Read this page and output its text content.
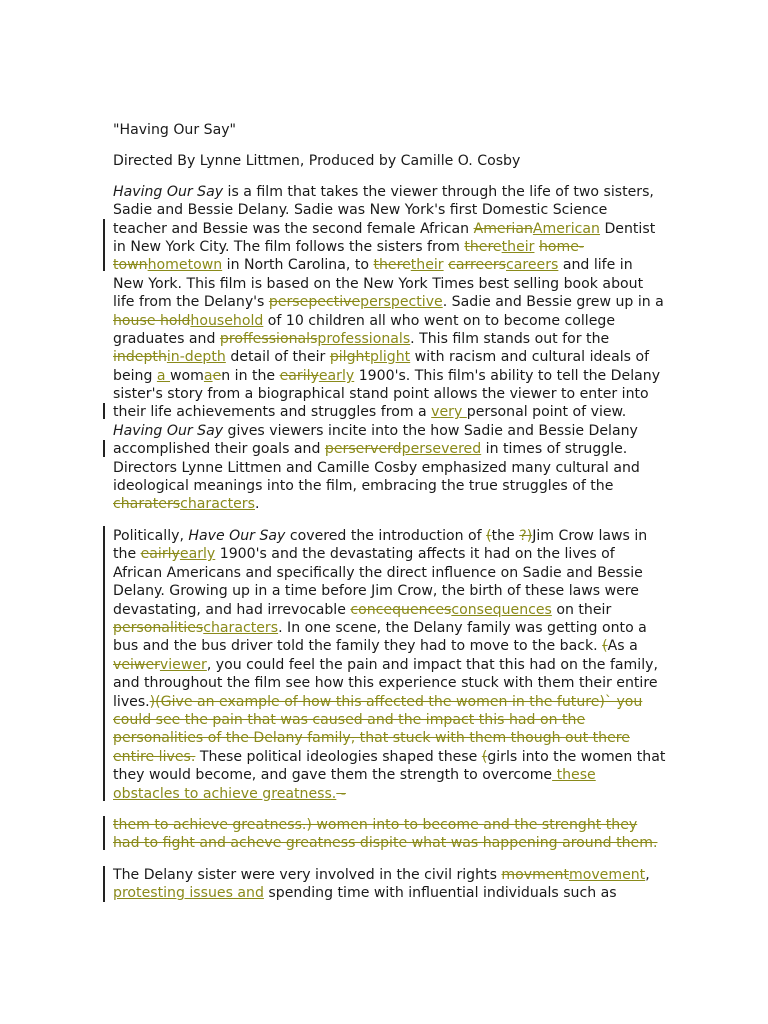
"Having Our Say"
Directed By Lynne Littmen, Produced by Camille O. Cosby
Having Our Say is a film that takes the viewer through the life of two sisters,
Sadie and Bessie Delany. Sadie was New York's first Domestic Science
teacher and Bessie was the second female African AmerianAmerican Dentist
in New York City. The film follows the sisters from theretheir home-
townhometown in North Carolina, to theretheir carreerscareers and life in
New York. This film is based on the New York Times best selling book about
life from the Delany's persepectiveperspective. Sadie and Bessie grew up in a
house holdhousehold of 10 children all who went on to become college
graduates and proffessionalsprofessionals. This film stands out for the
indepthin-depth detail of their pilghtplight with racism and cultural ideals of
being a womaen in the earilyearly 1900's. This film's ability to tell the Delany
sister's story from a biographical stand point allows the viewer to enter into
their life achievements and struggles from a very personal point of view.
Having Our Say gives viewers incite into the how Sadie and Bessie Delany
accomplished their goals and perserverdpersevered in times of struggle.
Directors Lynne Littmen and Camille Cosby emphasized many cultural and
ideological meanings into the film, embracing the true struggles of the
charaterscharacters.
Politically, Have Our Say covered the introduction of (the ?)Jim Crow laws in
the eairlyearly 1900's and the devastating affects it had on the lives of
African Americans and specifically the direct influence on Sadie and Bessie
Delany. Growing up in a time before Jim Crow, the birth of these laws were
devastating, and had irrevocable concequencesconsequences on their
personalitiescharacters. In one scene, the Delany family was getting onto a
bus and the bus driver told the family they had to move to the back. (As a
veiwerviewer, you could feel the pain and impact that this had on the family,
and throughout the film see how this experience stuck with them their entire
lives.)(Give an example of how this affected the women in the future)` you
could see the pain that was caused and the impact this had on the
personalities of the Delany family, that stuck with them though out there
entire lives. These political ideologies shaped these (girls into the women that
they would become, and gave them the strength to overcome these
obstacles to achieve greatness. -
them to achieve greatness.) women into to become and the strenght they
had to fight and acheve greatness dispite what was happening around them.
The Delany sister were very involved in the civil rights movmentmovement,
protesting issues and spending time with influential individuals such as
